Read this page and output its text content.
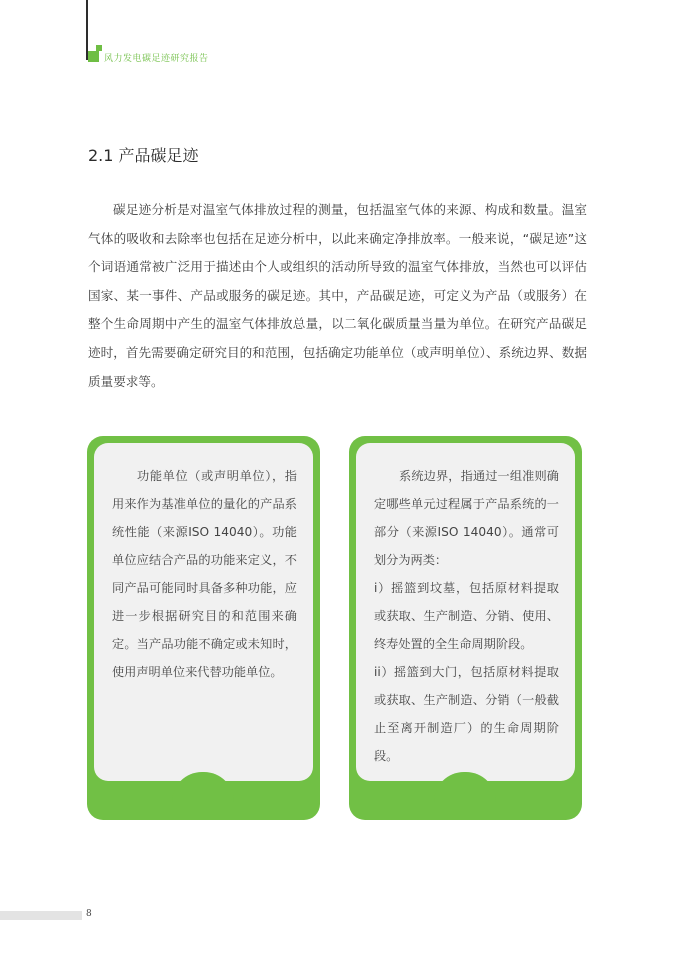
风力发电碳足迹研究报告
2.1 产品碳足迹

碳足迹分析是对温室气体排放过程的测量，包括温室气体的来源、构成和数量。温室气体的吸收和去除率也包括在足迹分析中，以此来确定净排放率。一般来说，“碳足迹”这个词语通常被广泛用于描述由个人或组织的活动所导致的温室气体排放，当然也可以评估国家、某一事件、产品或服务的碳足迹。其中，产品碳足迹，可定义为产品（或服务）在整个生命周期中产生的温室气体排放总量，以二氧化碳质量当量为单位。在研究产品碳足迹时，首先需要确定研究目的和范围，包括确定功能单位（或声明单位）、系统边界、数据质量要求等。

功能单位（或声明单位），指用来作为基准单位的量化的产品系统性能（来源ISO 14040）。功能单位应结合产品的功能来定义，不同产品可能同时具备多种功能，应进一步根据研究目的和范围来确定。当产品功能不确定或未知时，使用声明单位来代替功能单位。

系统边界，指通过一组准则确定哪些单元过程属于产品系统的一部分（来源ISO 14040）。通常可划分为两类：

i）摇篮到坟墓，包括原材料提取或获取、生产制造、分销、使用、终寿处置的全生命周期阶段。

ii）摇篮到大门，包括原材料提取或获取、生产制造、分销（一般截止至离开制造厂）的生命周期阶段。

8
